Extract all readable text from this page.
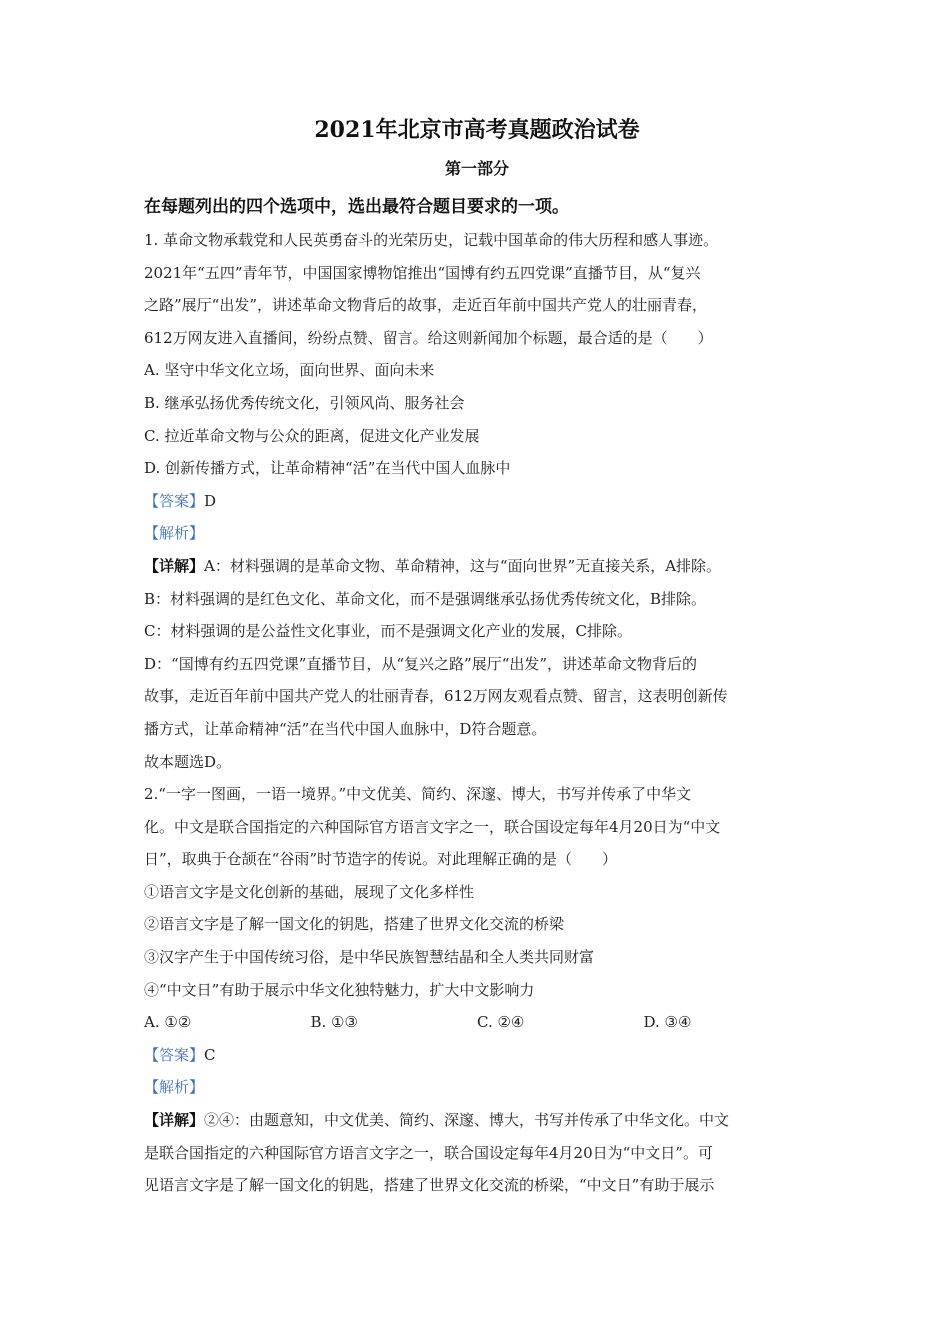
2021年北京市高考真题政治试卷
第一部分
在每题列出的四个选项中，选出最符合题目要求的一项。
1. 革命文物承载党和人民英勇奋斗的光荣历史，记载中国革命的伟大历程和感人事迹。
2021年“五四”青年节，中国国家博物馆推出“国博有约五四党课”直播节目，从“复兴
之路”展厅“出发”，讲述革命文物背后的故事，走近百年前中国共产党人的壮丽青春，
612万网友进入直播间，纷纷点赞、留言。给这则新闻加个标题，最合适的是（　　）
A. 坚守中华文化立场，面向世界、面向未来
B. 继承弘扬优秀传统文化，引领风尚、服务社会
C. 拉近革命文物与公众的距离，促进文化产业发展
D. 创新传播方式，让革命精神“活”在当代中国人血脉中
【答案】D
【解析】
【详解】A：材料强调的是革命文物、革命精神，这与“面向世界”无直接关系，A排除。
B：材料强调的是红色文化、革命文化，而不是强调继承弘扬优秀传统文化，B排除。
C：材料强调的是公益性文化事业，而不是强调文化产业的发展，C排除。
D：“国博有约五四党课”直播节目，从“复兴之路”展厅“出发”，讲述革命文物背后的
故事，走近百年前中国共产党人的壮丽青春，612万网友观看点赞、留言，这表明创新传
播方式，让革命精神“活”在当代中国人血脉中，D符合题意。
故本题选D。
2.“一字一图画，一语一境界。”中文优美、简约、深邃、博大，书写并传承了中华文
化。中文是联合国指定的六种国际官方语言文字之一，联合国设定每年4月20日为“中文
日”，取典于仓颉在“谷雨”时节造字的传说。对此理解正确的是（　　）
①语言文字是文化创新的基础，展现了文化多样性
②语言文字是了解一国文化的钥匙，搭建了世界文化交流的桥梁
③汉字产生于中国传统习俗，是中华民族智慧结晶和全人类共同财富
④“中文日”有助于展示中华文化独特魅力，扩大中文影响力
A. ①②	B. ①③	C. ②④	D. ③④
【答案】C
【解析】
【详解】②④：由题意知，中文优美、简约、深邃、博大，书写并传承了中华文化。中文
是联合国指定的六种国际官方语言文字之一，联合国设定每年4月20日为“中文日”。可
见语言文字是了解一国文化的钥匙，搭建了世界文化交流的桥梁，“中文日”有助于展示
